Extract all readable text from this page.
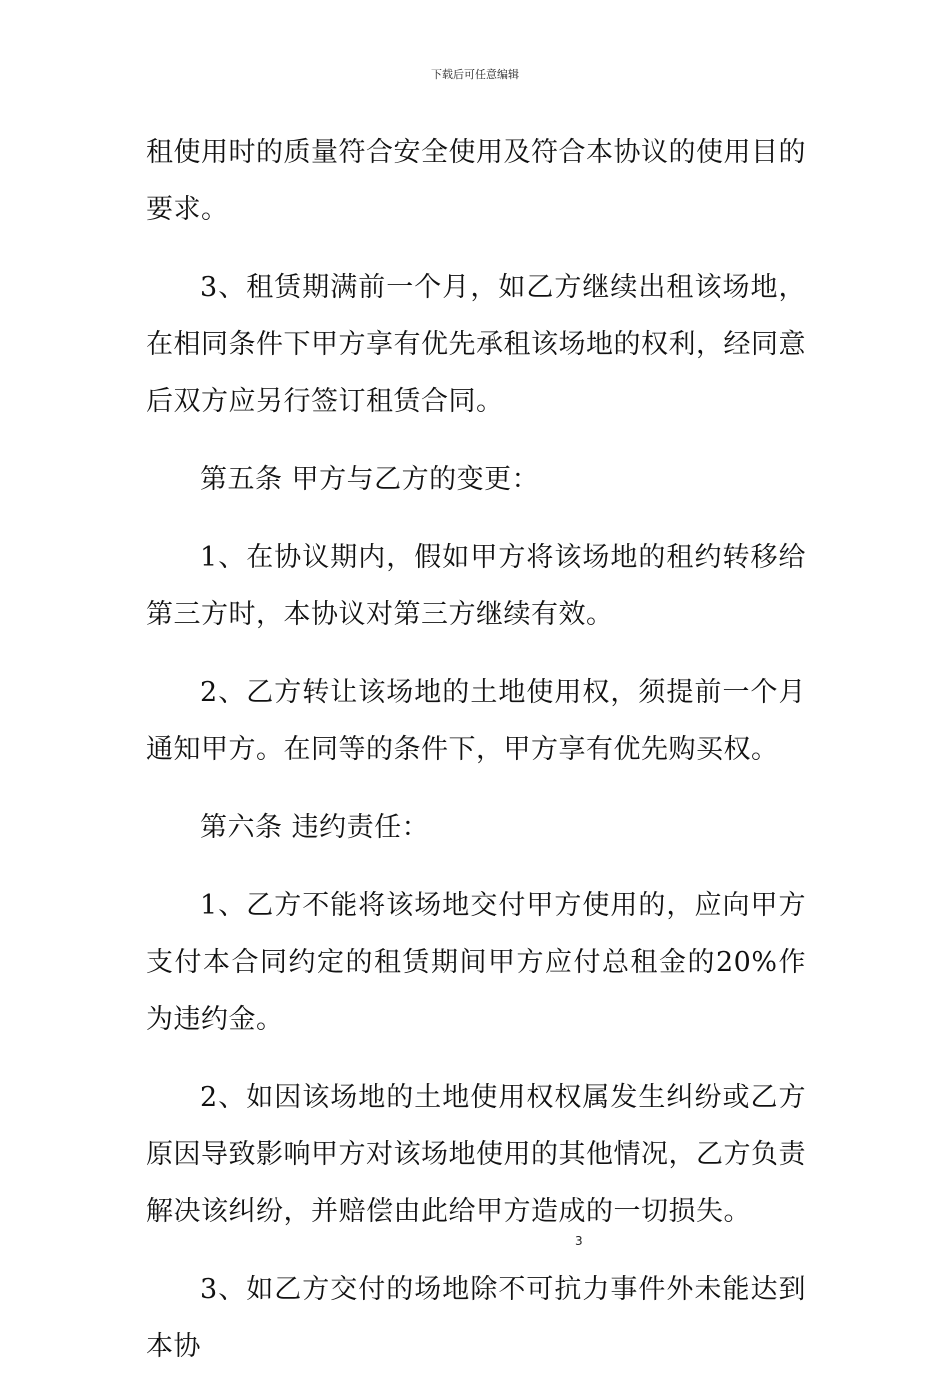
下载后可任意编辑

租使用时的质量符合安全使用及符合本协议的使用目的要求。

3、租赁期满前一个月，如乙方继续出租该场地，在相同条件下甲方享有优先承租该场地的权利，经同意后双方应另行签订租赁合同。

第五条 甲方与乙方的变更：

1、在协议期内，假如甲方将该场地的租约转移给第三方时，本协议对第三方继续有效。

2、乙方转让该场地的土地使用权，须提前一个月通知甲方。在同等的条件下，甲方享有优先购买权。

第六条 违约责任：

1、乙方不能将该场地交付甲方使用的，应向甲方支付本合同约定的租赁期间甲方应付总租金的20%作为违约金。

2、如因该场地的土地使用权权属发生纠纷或乙方原因导致影响甲方对该场地使用的其他情况，乙方负责解决该纠纷，并赔偿由此给甲方造成的一切损失。

3、如乙方交付的场地除不可抗力事件外未能达到本协

3
